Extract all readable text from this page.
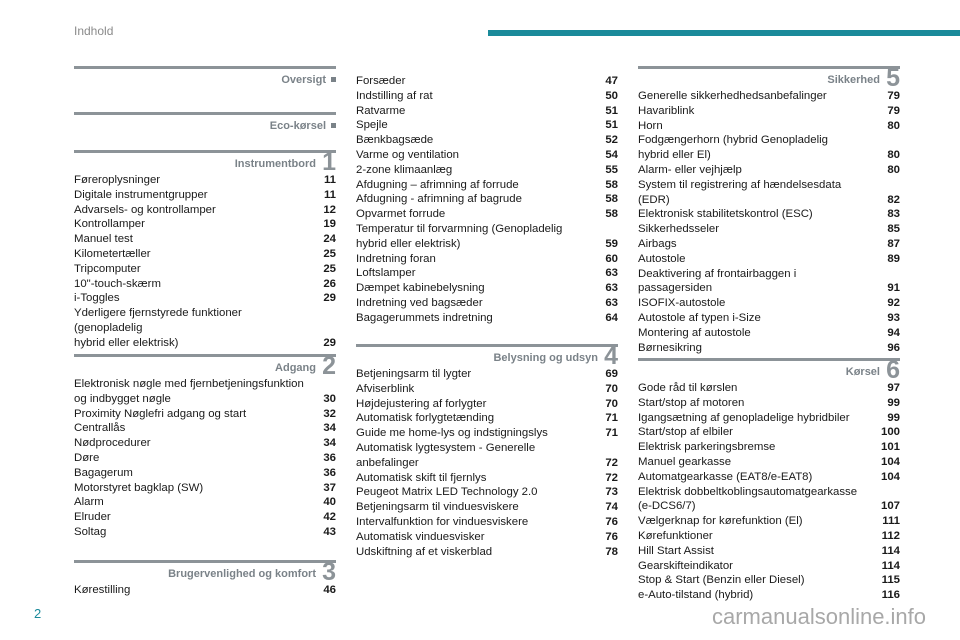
Indhold
Oversigt
Eco-kørsel
Instrumentbord 1
Føreroplysninger	11
Digitale instrumentgrupper	11
Advarsels- og kontrollamper	12
Kontrollamper	19
Manuel test	24
Kilometertæller	25
Tripcomputer	25
10"-touch-skærm	26
i-Toggles	29
Yderligere fjernstyrede funktioner (genopladelig
hybrid eller elektrisk)	29
Adgang 2
Elektronisk nøgle med fjernbetjeningsfunktion
og indbygget nøgle	30
Proximity Nøglefri adgang og start	32
Centrallås	34
Nødprocedurer	34
Døre	36
Bagagerum	36
Motorstyret bagklap (SW)	37
Alarm	40
Elruder	42
Soltag	43
Brugervenlighed og komfort 3
Kørestilling	46
Forsæder	47
Indstilling af rat	50
Ratvarme	51
Spejle	51
Bænkbagsæde	52
Varme og ventilation	54
2-zone klimaanlæg	55
Afdugning – afrimning af forrude	58
Afdugning - afrimning af bagrude	58
Opvarmet forrude	58
Temperatur til forvarmning (Genopladelig
hybrid eller elektrisk)	59
Indretning foran	60
Loftslamper	63
Dæmpet kabinebelysning	63
Indretning ved bagsæder	63
Bagagerummets indretning	64
Belysning og udsyn 4
Betjeningsarm til lygter	69
Afviserblink	70
Højdejustering af forlygter	70
Automatisk forlygtetænding	71
Guide me home-lys og indstigningslys	71
Automatisk lygtesystem - Generelle
anbefalinger	72
Automatisk skift til fjernlys	72
Peugeot Matrix LED Technology 2.0	73
Betjeningsarm til vinduesviskere	74
Intervalfunktion for vinduesviskere	76
Automatisk vinduesvisker	76
Udskiftning af et viskerblad	78
Sikkerhed 5
Generelle sikkerhedhedsanbefalinger	79
Havariblink	79
Horn	80
Fodgængerhorn (hybrid Genopladelig
hybrid eller El)	80
Alarm- eller vejhjælp	80
System til registrering af hændelsesdata
(EDR)	82
Elektronisk stabilitetskontrol (ESC)	83
Sikkerhedsseler	85
Airbags	87
Autostole	89
Deaktivering af frontairbaggen i passagersiden	91
ISOFIX-autostole	92
Autostole af typen i-Size	93
Montering af autostole	94
Børnesikring	96
Kørsel 6
Gode råd til kørslen	97
Start/stop af motoren	99
Igangsætning af genopladelige hybridbiler	99
Start/stop af elbiler	100
Elektrisk parkeringsbremse	101
Manuel gearkasse	104
Automatgearkasse (EAT8/e-EAT8)	104
Elektrisk dobbeltkoblingsautomatgearkasse
(e-DCS6/7)	107
Vælgerknap for kørefunktion (El)	111
Kørefunktioner	112
Hill Start Assist	114
Gearskifteindikator	114
Stop & Start (Benzin eller Diesel)	115
e-Auto-tilstand (hybrid)	116
2	carmanualsonline.info
